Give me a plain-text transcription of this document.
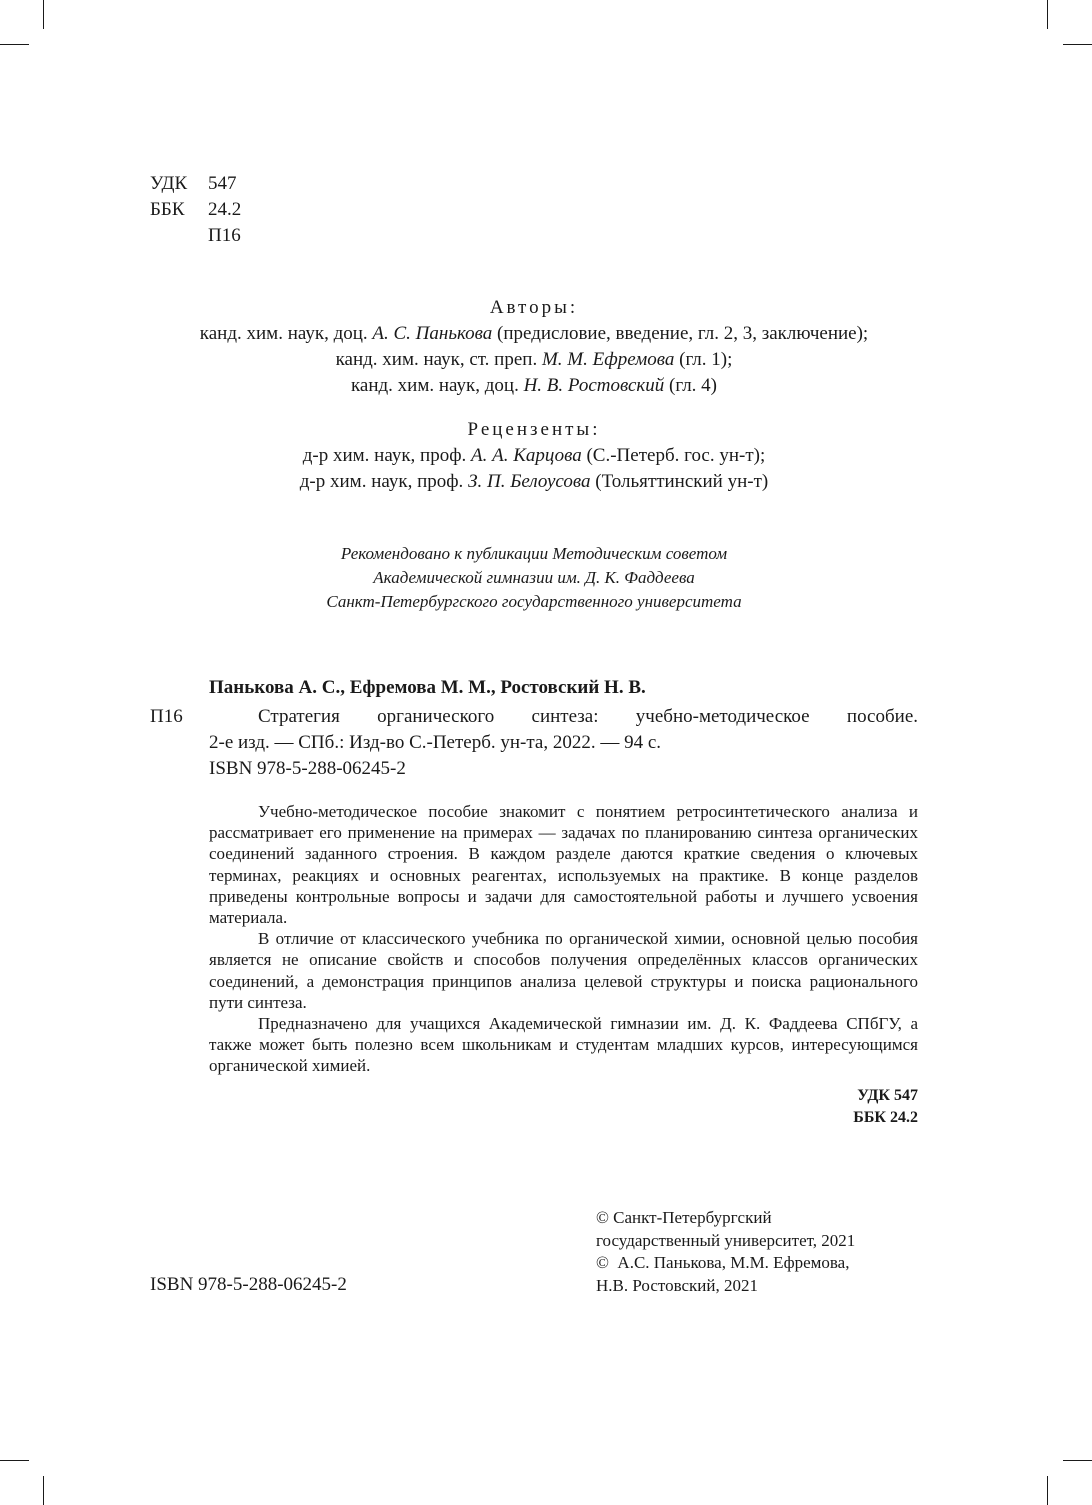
УДК 547
ББК 24.2
П16
Авторы:
канд. хим. наук, доц. А. С. Панькова (предисловие, введение, гл. 2, 3, заключение);
канд. хим. наук, ст. преп. М. М. Ефремова (гл. 1);
канд. хим. наук, доц. Н. В. Ростовский (гл. 4)
Рецензенты:
д-р хим. наук, проф. А. А. Карцова (С.-Петерб. гос. ун-т);
д-р хим. наук, проф. З. П. Белоусова (Тольяттинский ун-т)
Рекомендовано к публикации Методическим советом
Академической гимназии им. Д. К. Фаддеева
Санкт-Петербургского государственного университета
Панькова А. С., Ефремова М. М., Ростовский Н. В.
П16	Стратегия органического синтеза: учебно-методическое пособие.
2-е изд. — СПб.: Изд-во С.-Петерб. ун-та, 2022. — 94 с.
ISBN 978-5-288-06245-2

Учебно-методическое пособие знакомит с понятием ретросинтетического анализа и рассматривает его применение на примерах — задачах по планированию синтеза органических соединений заданного строения. В каждом разделе даются краткие сведения о ключевых терминах, реакциях и основных реагентах, используемых на практике. В конце разделов приведены контрольные вопросы и задачи для самостоятельной работы и лучшего усвоения материала.

В отличие от классического учебника по органической химии, основной целью пособия является не описание свойств и способов получения определённых классов органических соединений, а демонстрация принципов анализа целевой структуры и поиска рационального пути синтеза.

Предназначено для учащихся Академической гимназии им. Д. К. Фаддеева СПбГУ, а также может быть полезно всем школьникам и студентам младших курсов, интересующимся органической химией.

УДК 547
ББК 24.2
© Санкт-Петербургский
государственный университет, 2021
©  А.С. Панькова, М.М. Ефремова,
Н.В. Ростовский, 2021
ISBN 978-5-288-06245-2
